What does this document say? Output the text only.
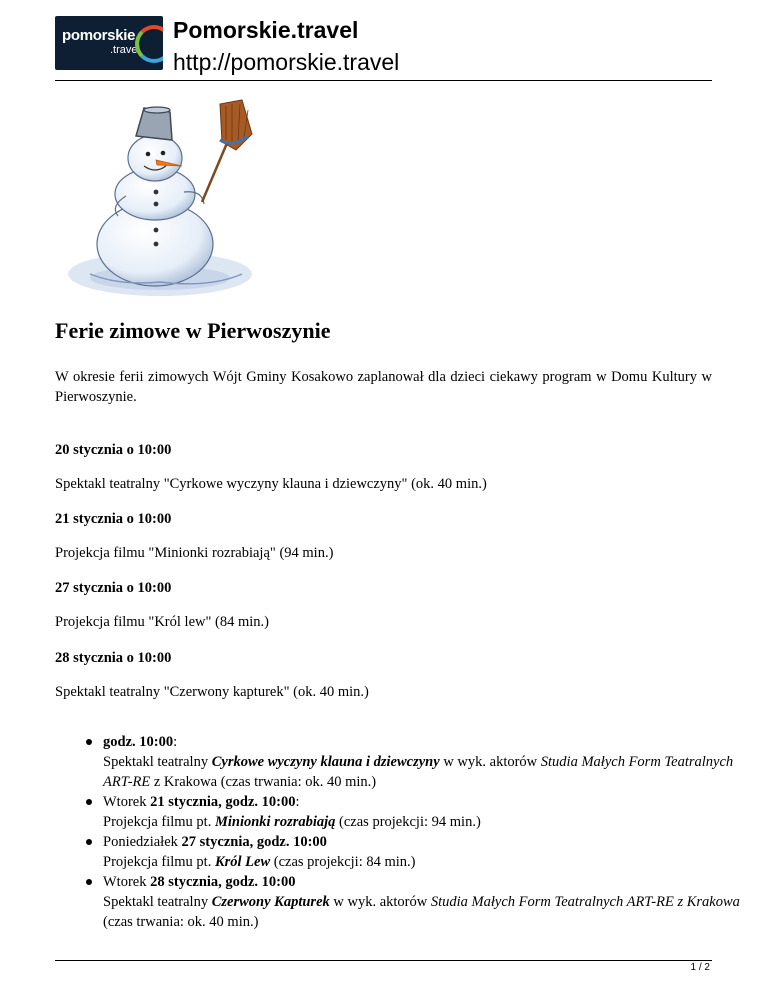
pomorskie
.travel
Pomorskie.travel
http://pomorskie.travel
Ferie zimowe w Pierwoszynie

W okresie ferii zimowych Wójt Gminy Kosakowo zaplanował dla dzieci ciekawy program w Domu Kultury w Pierwoszynie.

20 stycznia o 10:00

Spektakl teatralny "Cyrkowe wyczyny klauna i dziewczyny" (ok. 40 min.)

21 stycznia o 10:00

Projekcja filmu "Minionki rozrabiają" (94 min.)

27 stycznia o 10:00

Projekcja filmu "Król lew" (84 min.)

28 stycznia o 10:00

Spektakl teatralny "Czerwony kapturek" (ok. 40 min.)

godz. 10:00:
Spektakl teatralny Cyrkowe wyczyny klauna i dziewczyny w wyk. aktorów Studia Małych Form Teatralnych ART-RE z Krakowa (czas trwania: ok. 40 min.)
Wtorek 21 stycznia, godz. 10:00:
Projekcja filmu pt. Minionki rozrabiają (czas projekcji: 94 min.)
Poniedziałek 27 stycznia, godz. 10:00
Projekcja filmu pt. Król Lew (czas projekcji: 84 min.)
Wtorek 28 stycznia, godz. 10:00
Spektakl teatralny Czerwony Kapturek w wyk. aktorów Studia Małych Form Teatralnych ART-RE z Krakowa (czas trwania: ok. 40 min.)
1 / 2
